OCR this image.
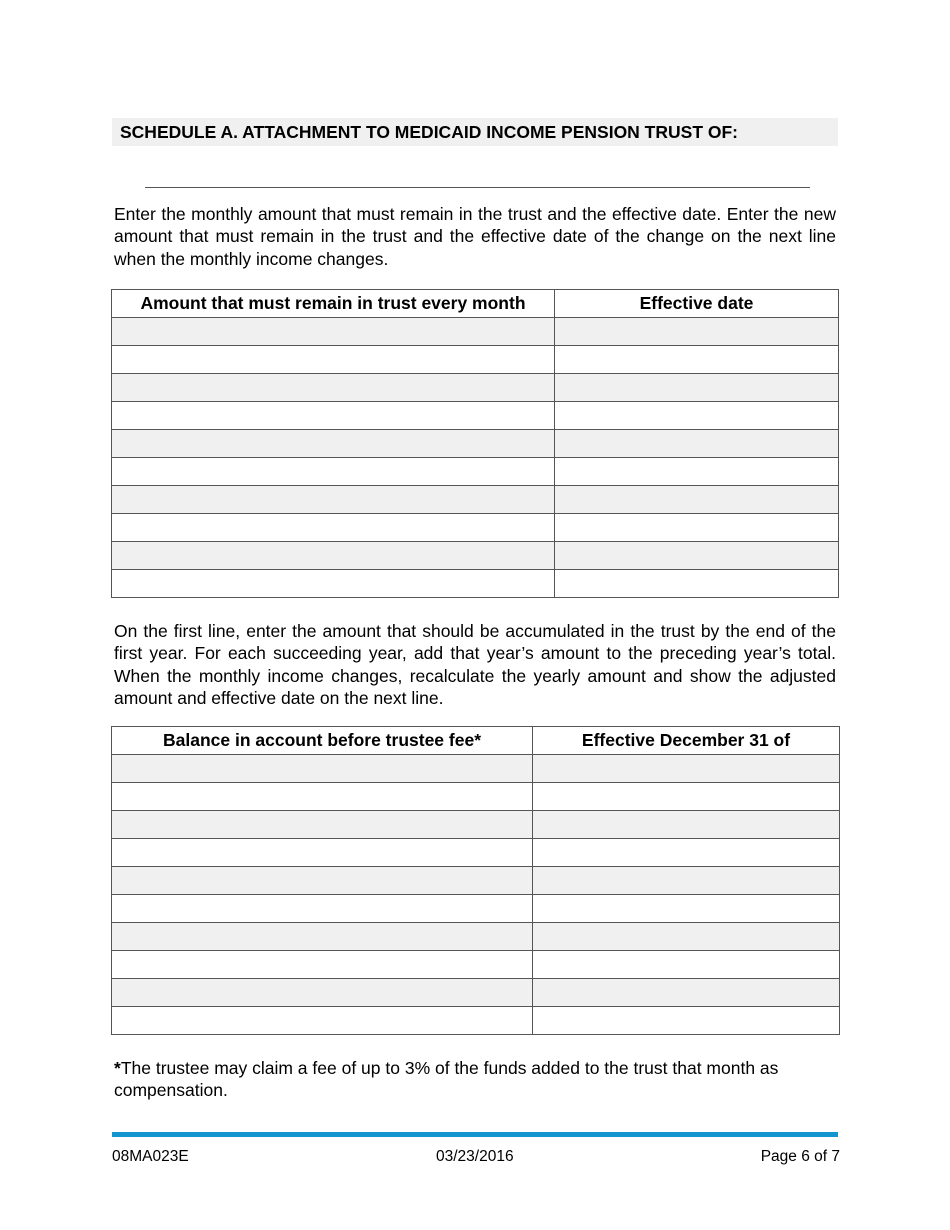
SCHEDULE A. ATTACHMENT TO MEDICAID INCOME PENSION TRUST OF:

Enter the monthly amount that must remain in the trust and the effective date. Enter the new amount that must remain in the trust and the effective date of the change on the next line when the monthly income changes.

Amount that must remain in trust every month	Effective date

On the first line, enter the amount that should be accumulated in the trust by the end of the first year. For each succeeding year, add that year’s amount to the preceding year’s total. When the monthly income changes, recalculate the yearly amount and show the adjusted amount and effective date on the next line.

Balance in account before trustee fee*	Effective December 31 of

*The trustee may claim a fee of up to 3% of the funds added to the trust that month as compensation.

08MA023E	03/23/2016	Page 6 of 7
